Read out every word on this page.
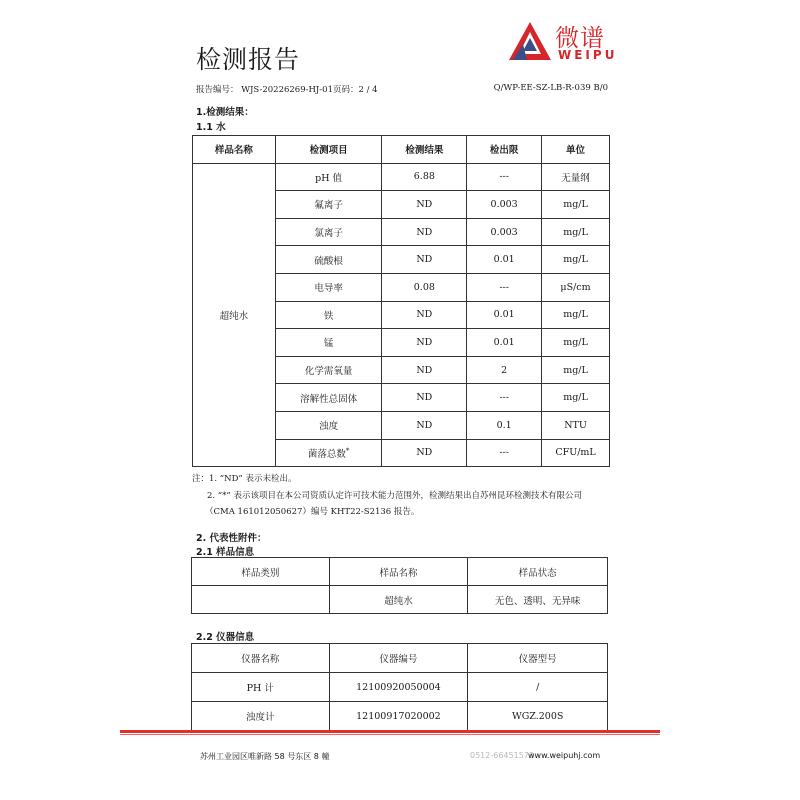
检测报告
微谱
WEIPU
报告编号： WJS-20226269-HJ-01 页码：2 / 4	Q/WP-EE-SZ-LB-R-039 B/0
1.检测结果：
1.1 水
样品名称	检测项目	检测结果	检出限	单位
超纯水	pH 值	6.88	---	无量纲
	氟离子	ND	0.003	mg/L
	氯离子	ND	0.003	mg/L
	硫酸根	ND	0.01	mg/L
	电导率	0.08	---	μS/cm
	铁	ND	0.01	mg/L
	锰	ND	0.01	mg/L
	化学需氧量	ND	2	mg/L
	溶解性总固体	ND	---	mg/L
	浊度	ND	0.1	NTU
	菌落总数*	ND	---	CFU/mL
注：1. “ND” 表示未检出。
2. “*” 表示该项目在本公司资质认定许可技术能力范围外，检测结果出自苏州昆环检测技术有限公司
（CMA 161012050627）编号 KHT22-S2136 报告。
2. 代表性附件：
2.1 样品信息
样品类别	样品名称	样品状态
	超纯水	无色、透明、无异味
2.2 仪器信息
仪器名称	仪器编号	仪器型号
PH 计	12100920050004	/
浊度计	12100917020002	WGZ.200S
苏州工业园区唯新路 58 号东区 8 幢	0512-66451573
www.weipuhj.com
